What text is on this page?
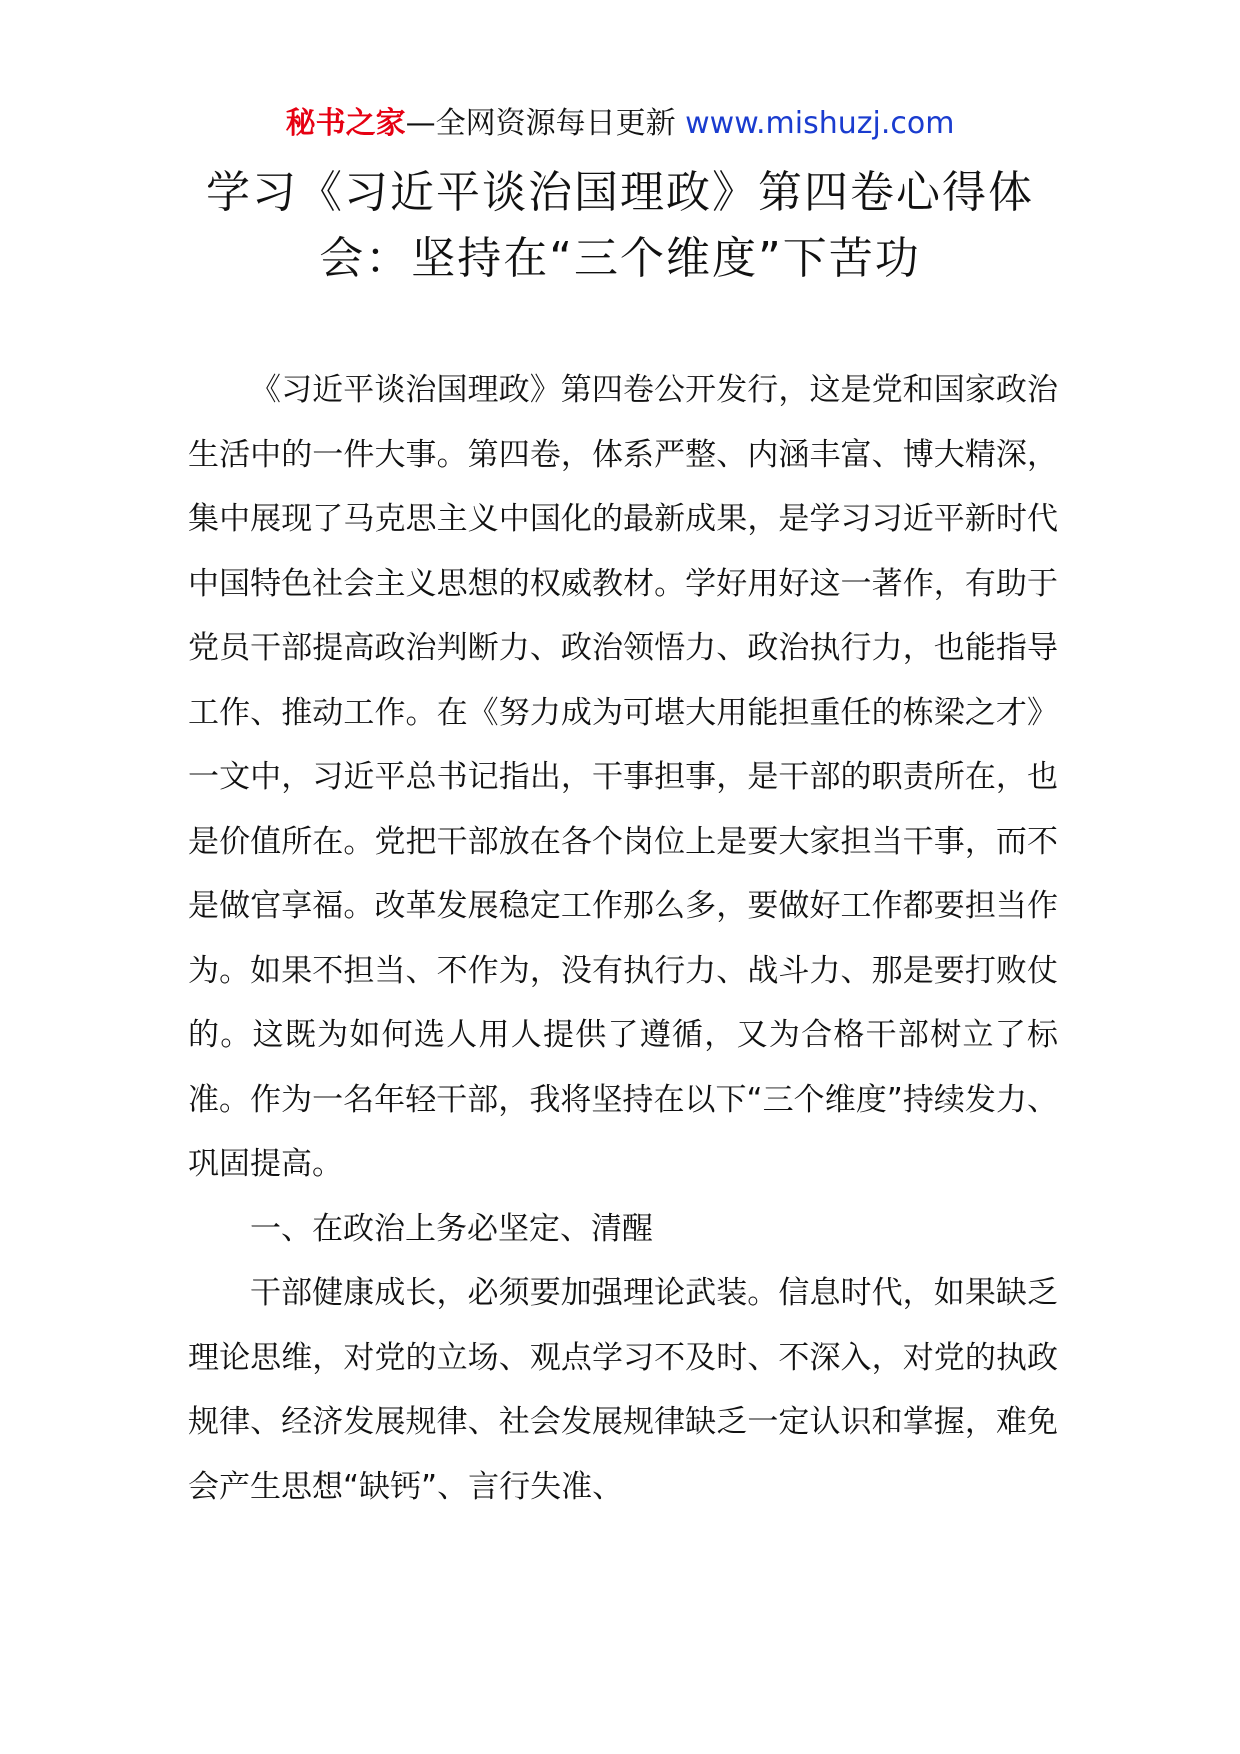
秘书之家—全网资源每日更新 www.mishuzj.com
学习《习近平谈治国理政》第四卷心得体
会：坚持在“三个维度”下苦功

《习近平谈治国理政》第四卷公开发行，这是党和国家政治生活中的一件大事。第四卷，体系严整、内涵丰富、博大精深，集中展现了马克思主义中国化的最新成果，是学习习近平新时代中国特色社会主义思想的权威教材。学好用好这一著作，有助于党员干部提高政治判断力、政治领悟力、政治执行力，也能指导工作、推动工作。在《努力成为可堪大用能担重任的栋梁之才》一文中，习近平总书记指出，干事担事，是干部的职责所在，也是价值所在。党把干部放在各个岗位上是要大家担当干事，而不是做官享福。改革发展稳定工作那么多，要做好工作都要担当作为。如果不担当、不作为，没有执行力、战斗力、那是要打败仗的。这既为如何选人用人提供了遵循，又为合格干部树立了标准。作为一名年轻干部，我将坚持在以下“三个维度”持续发力、巩固提高。

一、在政治上务必坚定、清醒

干部健康成长，必须要加强理论武装。信息时代，如果缺乏理论思维，对党的立场、观点学习不及时、不深入，对党的执政规律、经济发展规律、社会发展规律缺乏一定认识和掌握，难免会产生思想“缺钙”、言行失准、
